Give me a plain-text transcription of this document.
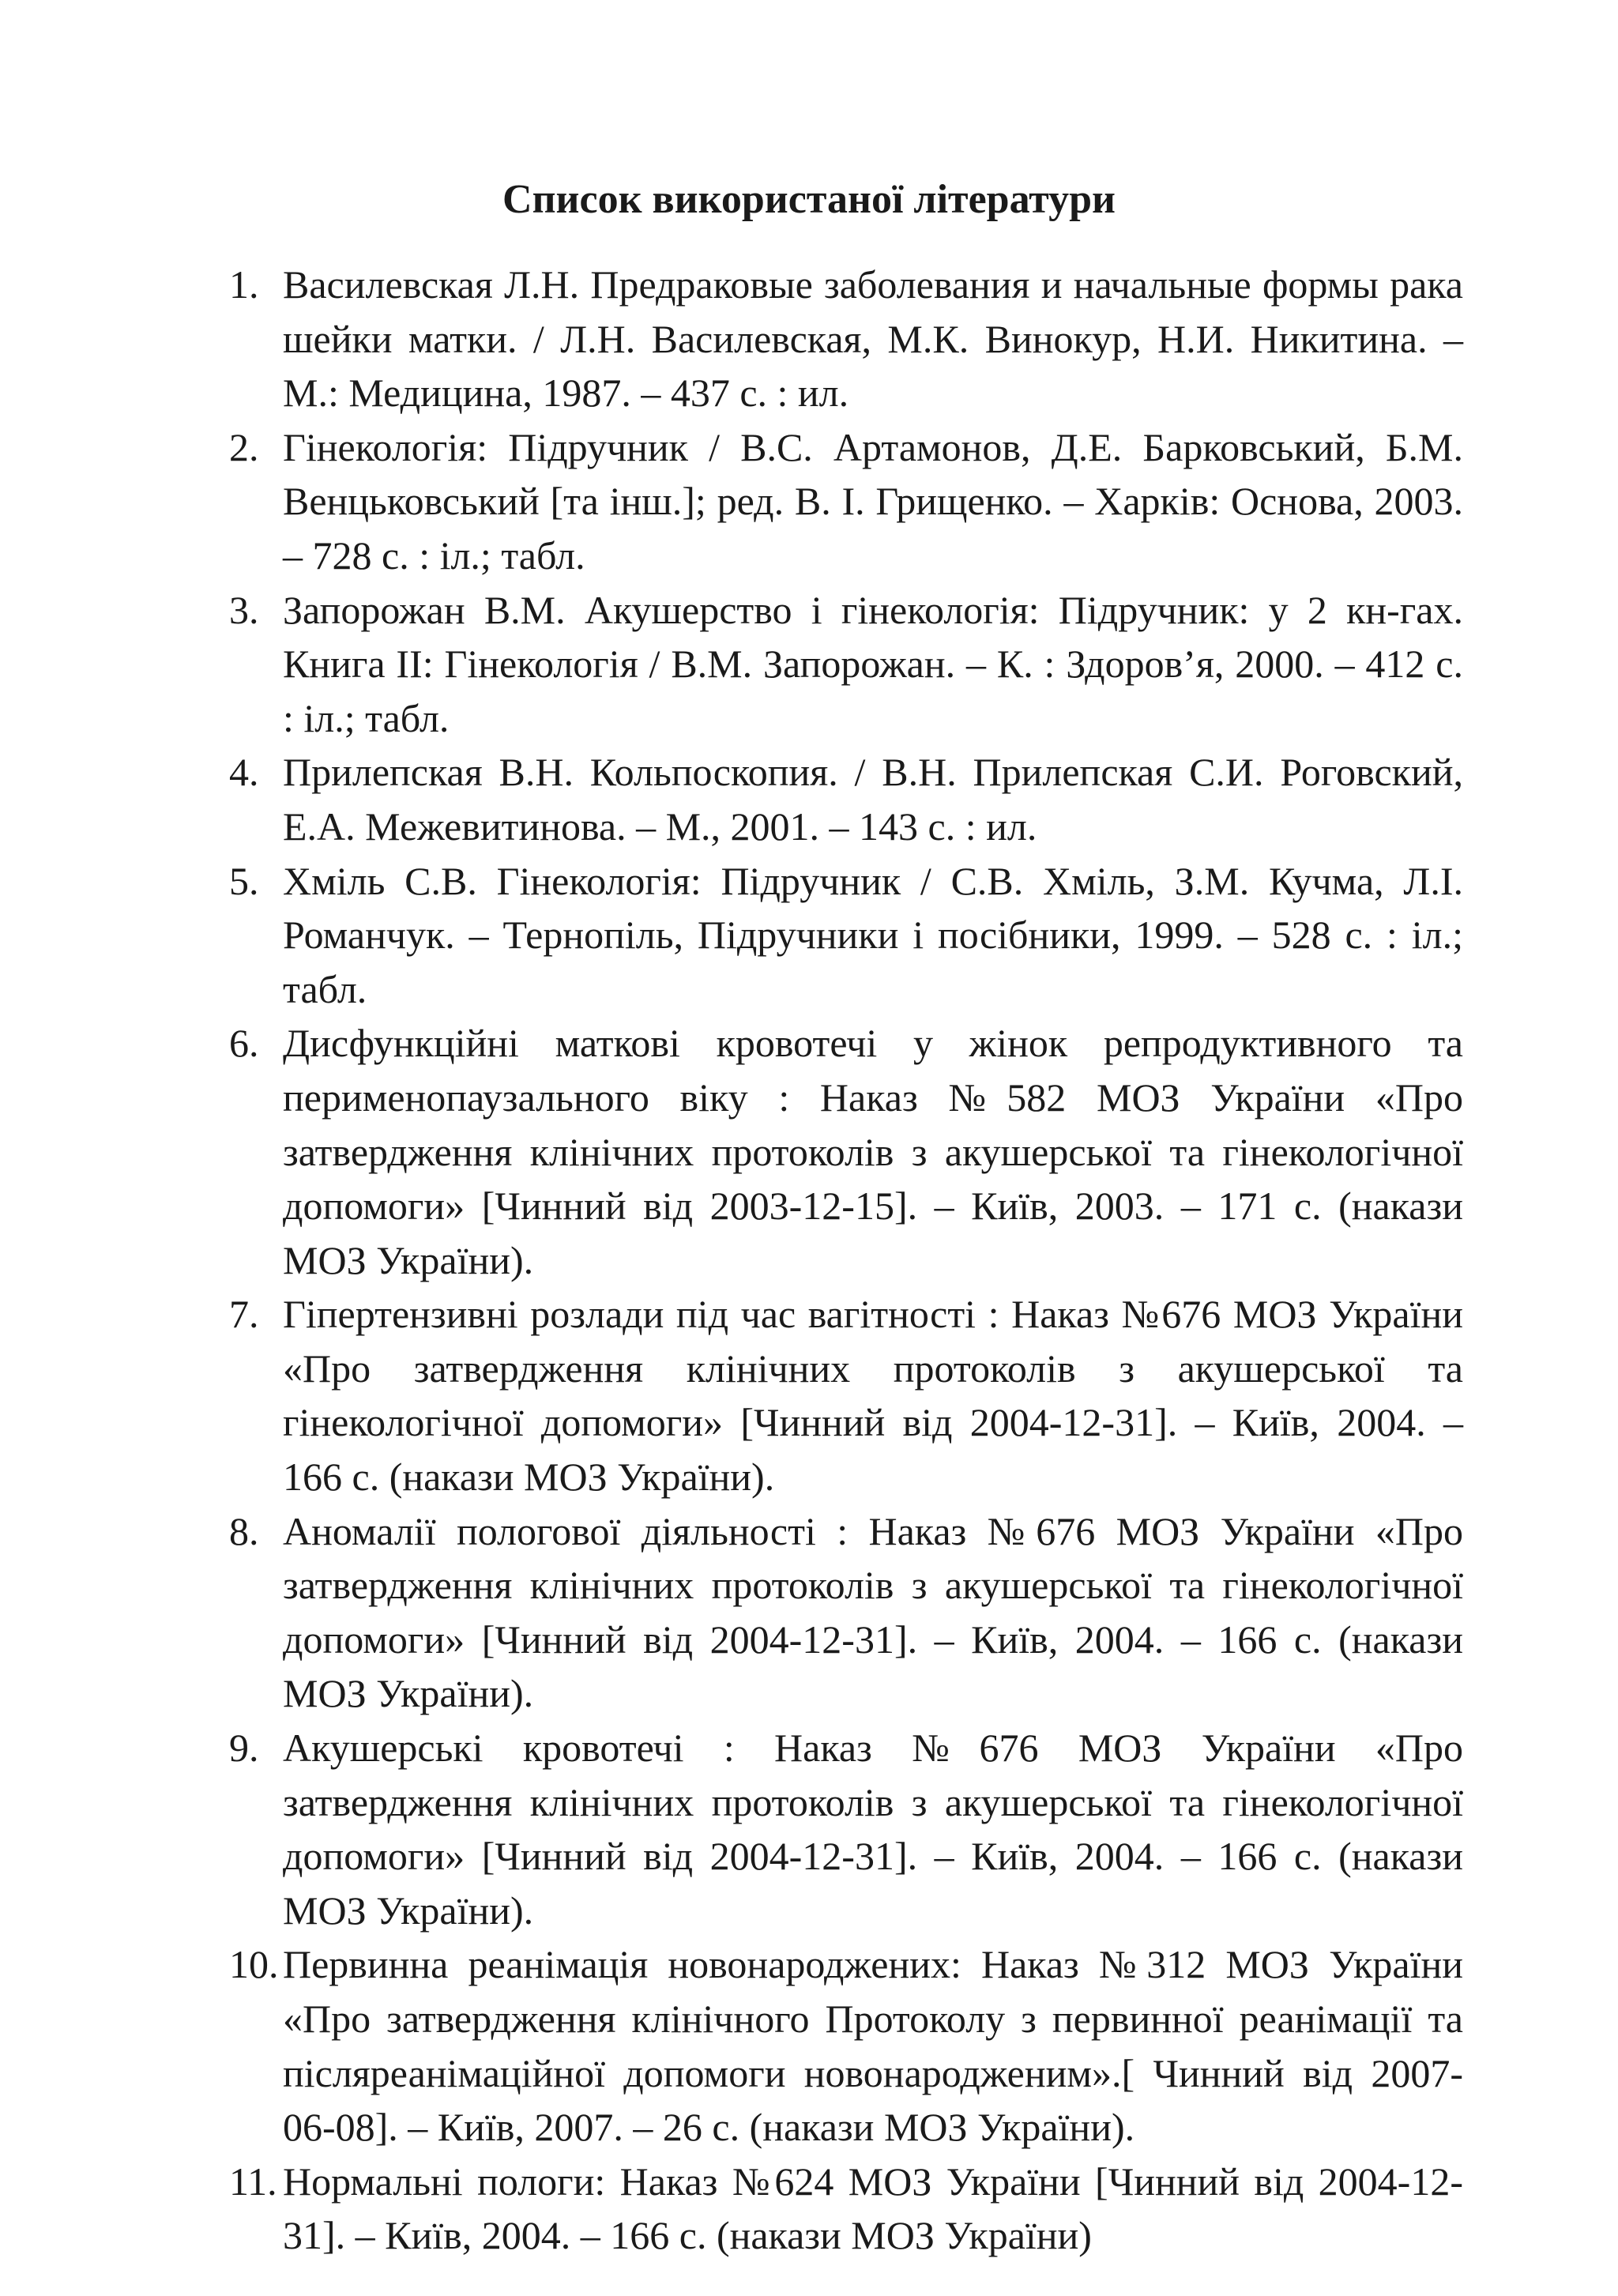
Список використаної літератури
1. Василевская Л.Н. Предраковые заболевания и начальные формы рака шейки матки. / Л.Н. Василевская, М.К. Винокур, Н.И. Никитина. – М.: Медицина, 1987. – 437 с. : ил.
2. Гінекологія: Підручник / В.С. Артамонов, Д.Е. Барковський, Б.М. Венцьковський [та інш.]; ред. В. І. Грищенко. – Харків: Основа, 2003. – 728 с. : іл.; табл.
3. Запорожан В.М. Акушерство і гінекологія: Підручник: у 2 кн-гах. Книга II: Гінекологія / В.М. Запорожан. – К. : Здоров’я, 2000. – 412 с. : іл.; табл.
4. Прилепская В.Н. Кольпоскопия. / В.Н. Прилепская С.И. Роговский, Е.А. Межевитинова. – М., 2001. – 143 с. : ил.
5. Хміль С.В. Гінекологія: Підручник / С.В. Хміль, З.М. Кучма, Л.І. Романчук. – Тернопіль, Підручники і посібники, 1999. – 528 с. : іл.; табл.
6. Дисфункційні маткові кровотечі у жінок репродуктивного та перименопаузального віку : Наказ №582 МОЗ України «Про затвердження клінічних протоколів з акушерської та гінекологічної допомоги» [Чинний від 2003-12-15]. – Київ, 2003. – 171 с. (накази МОЗ України).
7. Гіпертензивні розлади під час вагітності : Наказ №676 МОЗ України «Про затвердження клінічних протоколів з акушерської та гінекологічної допомоги» [Чинний від 2004-12-31]. – Київ, 2004. – 166 с. (накази МОЗ України).
8. Аномалії пологової діяльності : Наказ №676 МОЗ України «Про затвердження клінічних протоколів з акушерської та гінекологічної допомоги» [Чинний від 2004-12-31]. – Київ, 2004. – 166 с. (накази МОЗ України).
9. Акушерські кровотечі : Наказ №676 МОЗ України «Про затвердження клінічних протоколів з акушерської та гінекологічної допомоги» [Чинний від 2004-12-31]. – Київ, 2004. – 166 с. (накази МОЗ України).
10. Первинна реанімація новонароджених: Наказ №312 МОЗ України «Про затвердження клінічного Протоколу з первинної реанімації та післяреанімаційної допомоги новонародженим».[ Чинний від 2007-06-08]. – Київ, 2007. – 26 с. (накази МОЗ України).
11. Нормальні пологи: Наказ №624 МОЗ України [Чинний від 2004-12-31]. – Київ, 2004. – 166 с. (накази МОЗ України)
